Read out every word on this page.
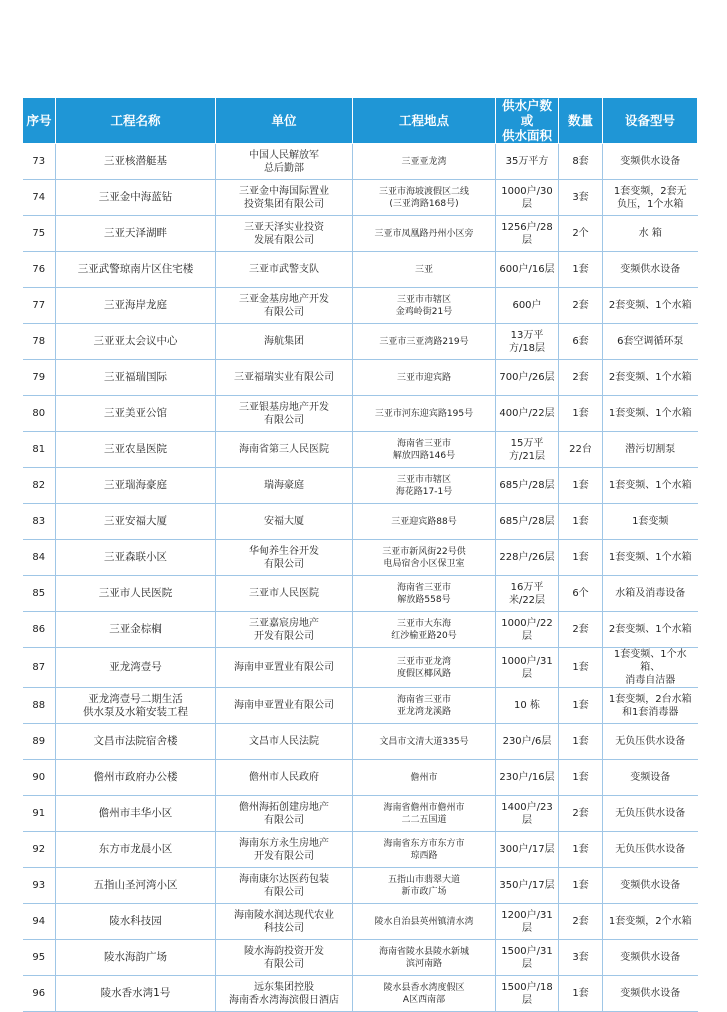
序号	工程名称	单位	工程地点	供水户数或
供水面积	数量	设备型号
73	三亚核潜艇基	中国人民解放军
总后勤部	三亚亚龙湾	35万平方	8套	变频供水设备
74	三亚金中海蓝钻	三亚金中海国际置业
投资集团有限公司	三亚市海坡渡假区二线
(三亚湾路168号)	1000户/30层	3套	1套变频，2套无
负压，1个水箱
75	三亚天泽湖畔	三亚天泽实业投资
发展有限公司	三亚市凤凰路丹州小区旁	1256户/28层	2个	水 箱
76	三亚武警琼南片区住宅楼	三亚市武警支队	三亚	600户/16层	1套	变频供水设备
77	三亚海岸龙庭	三亚金基房地产开发
有限公司	三亚市市辖区
金鸡岭街21号	600户	2套	2套变频、1个水箱
78	三亚亚太会议中心	海航集团	三亚市三亚湾路219号	13万平方/18层	6套	6套空调循环泵
79	三亚福瑞国际	三亚福瑞实业有限公司	三亚市迎宾路	700户/26层	2套	2套变频、1个水箱
80	三亚美亚公馆	三亚银基房地产开发
有限公司	三亚市河东迎宾路195号	400户/22层	1套	1套变频、1个水箱
81	三亚农垦医院	海南省第三人民医院	海南省三亚市
解放四路146号	15万平方/21层	22台	潜污切割泵
82	三亚瑞海豪庭	瑞海豪庭	三亚市市辖区
海花路17-1号	685户/28层	1套	1套变频、1个水箱
83	三亚安福大厦	安福大厦	三亚迎宾路88号	685户/28层	1套	1套变频
84	三亚森联小区	华甸养生谷开发
有限公司	三亚市新风街22号供
电局宿舍小区保卫室	228户/26层	1套	1套变频、1个水箱
85	三亚市人民医院	三亚市人民医院	海南省三亚市
解放路558号	16万平米/22层	6个	水箱及消毒设备
86	三亚金棕榈	三亚嘉宸房地产
开发有限公司	三亚市大东海
红沙榆亚路20号	1000户/22层	2套	2套变频、1个水箱
87	亚龙湾壹号	海南申亚置业有限公司	三亚市亚龙湾
度假区椰风路	1000户/31层	1套	1套变频、1个水箱、
消毒自洁器
88	亚龙湾壹号二期生活
供水泵及水箱安装工程	海南申亚置业有限公司	海南省三亚市
亚龙湾龙溪路	10 栋	1套	1套变频，2台水箱
和1套消毒器
89	文昌市法院宿舍楼	文昌市人民法院	文昌市文清大道335号	230户/6层	1套	无负压供水设备
90	儋州市政府办公楼	儋州市人民政府	儋州市	230户/16层	1套	变频设备
91	儋州市丰华小区	儋州海拓创建房地产
有限公司	海南省儋州市儋州市
二二五国道	1400户/23层	2套	无负压供水设备
92	东方市龙晨小区	海南东方永生房地产
开发有限公司	海南省东方市东方市
琼西路	300户/17层	1套	无负压供水设备
93	五指山圣河湾小区	海南康尔达医药包装
有限公司	五指山市翡翠大道
新市政广场	350户/17层	1套	变频供水设备
94	陵水科技园	海南陵水润达现代农业
科技公司	陵水自治县英州镇清水湾	1200户/31层	2套	1套变频，2个水箱
95	陵水海韵广场	陵水海韵投资开发
有限公司	海南省陵水县陵水新城
滨河南路	1500户/31层	3套	变频供水设备
96	陵水香水湾1号	远东集团控股
海南香水湾海滨假日酒店	陵水县香水湾度假区
A区西南部	1500户/18层	1套	变频供水设备
